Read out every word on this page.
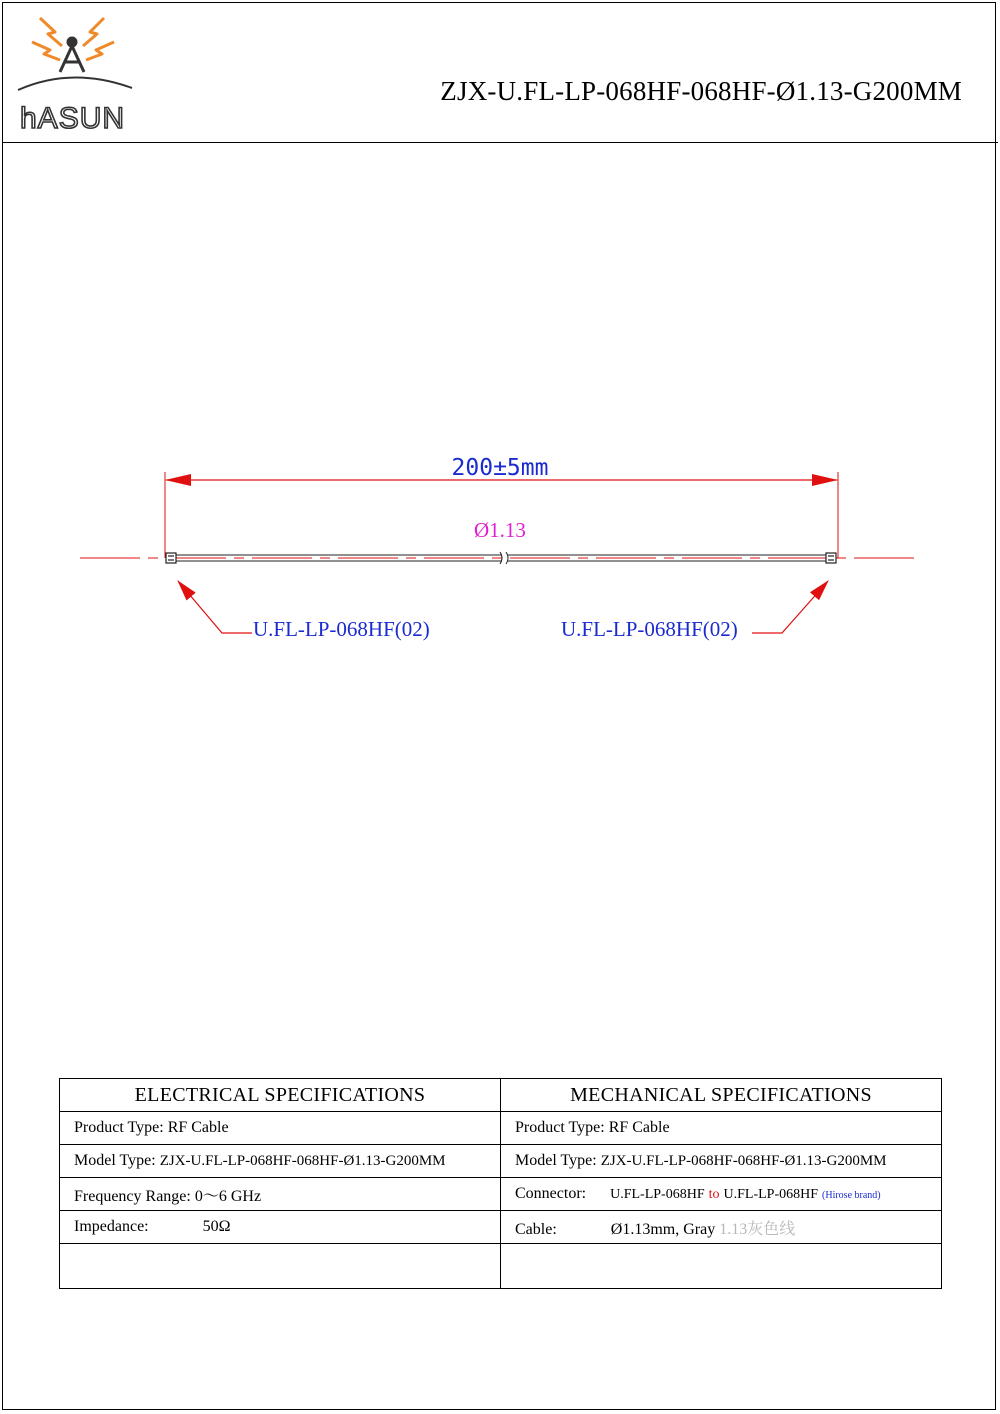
hASUN
ZJX-U.FL-LP-068HF-068HF-Ø1.13-G200MM
200±5mm
Ø1.13
U.FL-LP-068HF(02)	U.FL-LP-068HF(02)
ELECTRICAL SPECIFICATIONS	MECHANICAL SPECIFICATIONS
Product Type: RF Cable	Product Type: RF Cable
Model Type: ZJX-U.FL-LP-068HF-068HF-Ø1.13-G200MM	Model Type: ZJX-U.FL-LP-068HF-068HF-Ø1.13-G200MM
Frequency Range: 0～6 GHz	Connector: U.FL-LP-068HF to U.FL-LP-068HF (Hirose brand)
Impedance: 50Ω	Cable: Ø1.13mm, Gray 1.13灰色线
